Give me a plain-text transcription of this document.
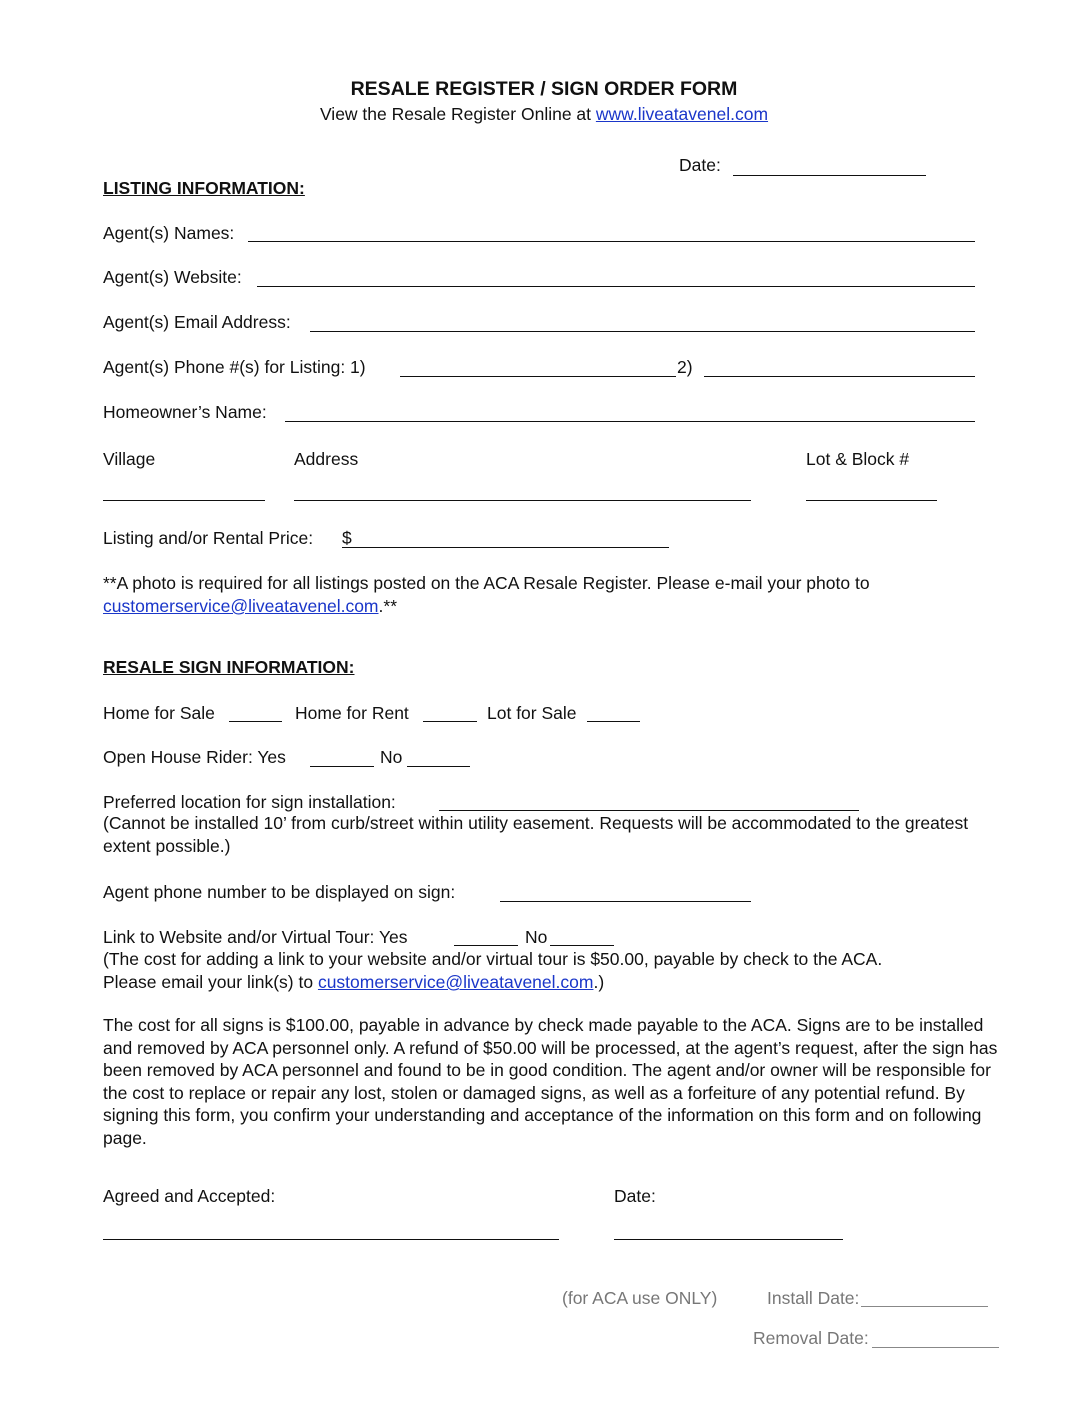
RESALE REGISTER / SIGN ORDER FORM
View the Resale Register Online at www.liveatavenel.com
Date:
LISTING INFORMATION:
Agent(s) Names:
Agent(s) Website:
Agent(s) Email Address:
Agent(s) Phone #(s) for Listing: 1)	2)
Homeowner’s Name:
Village	Address	Lot & Block #
Listing and/or Rental Price: $
**A photo is required for all listings posted on the ACA Resale Register. Please e-mail your photo to
customerservice@liveatavenel.com.**
RESALE SIGN INFORMATION:
Home for Sale	Home for Rent	Lot for Sale
Open House Rider: Yes	No
Preferred location for sign installation:
(Cannot be installed 10’ from curb/street within utility easement. Requests will be accommodated to the greatest extent possible.)
Agent phone number to be displayed on sign:
Link to Website and/or Virtual Tour: Yes	No
(The cost for adding a link to your website and/or virtual tour is $50.00, payable by check to the ACA.
Please email your link(s) to customerservice@liveatavenel.com.)
The cost for all signs is $100.00, payable in advance by check made payable to the ACA. Signs are to be installed and removed by ACA personnel only. A refund of $50.00 will be processed, at the agent’s request, after the sign has been removed by ACA personnel and found to be in good condition. The agent and/or owner will be responsible for the cost to replace or repair any lost, stolen or damaged signs, as well as a forfeiture of any potential refund. By signing this form, you confirm your understanding and acceptance of the information on this form and on following page.
Agreed and Accepted:	Date:
(for ACA use ONLY)	Install Date:
Removal Date:
